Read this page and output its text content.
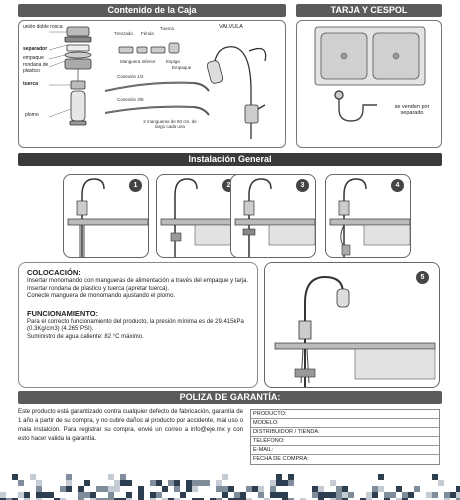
Contenido de la Caja
unión doble rosca
separador
empaque
rondana de plastico
tuerca
plomo
Tuerca
Trenzado Férula
VALVULA
Manguera Inferior Espiga
Empaque
Conexión 1/2
Conexión 3/8
2 mangueras de 50 cm. de largo cada una
TARJA Y CESPOL
se venden por separado
Instalación General
1	2	3	4
COLOCACIÓN:

Insertar monomando con mangueras de alimentación a través del empaque y tarja.

Insertar rondana de plastico y tuerca (apretar tuerca).

Conecte manguera de monomando ajustando el plomo.

FUNCIONAMIENTO:

Para el correcto funcionamiento del producto, la presión mínima es de 29.415kPa (0.3Kg/cm3) (4.265 PSI).

Suministro de agua caliente: 82 °C máximo.

5
POLIZA DE GARANTÍA:

Este producto está garantizado contra cualquier defecto de fabricación, garantía de 1 año a partir de su compra, y no cubre daños al producto por accidente, mal uso o mala instalción. Para registrar su compra, envié un correo a info@eje.mx y con esto hacer valida la garantía.

PRODUCTO:
MODELO:
DISTRIBUIDOR / TIENDA:
TELÉFONO:
E-MAIL:
FECHA DE COMPRA:
